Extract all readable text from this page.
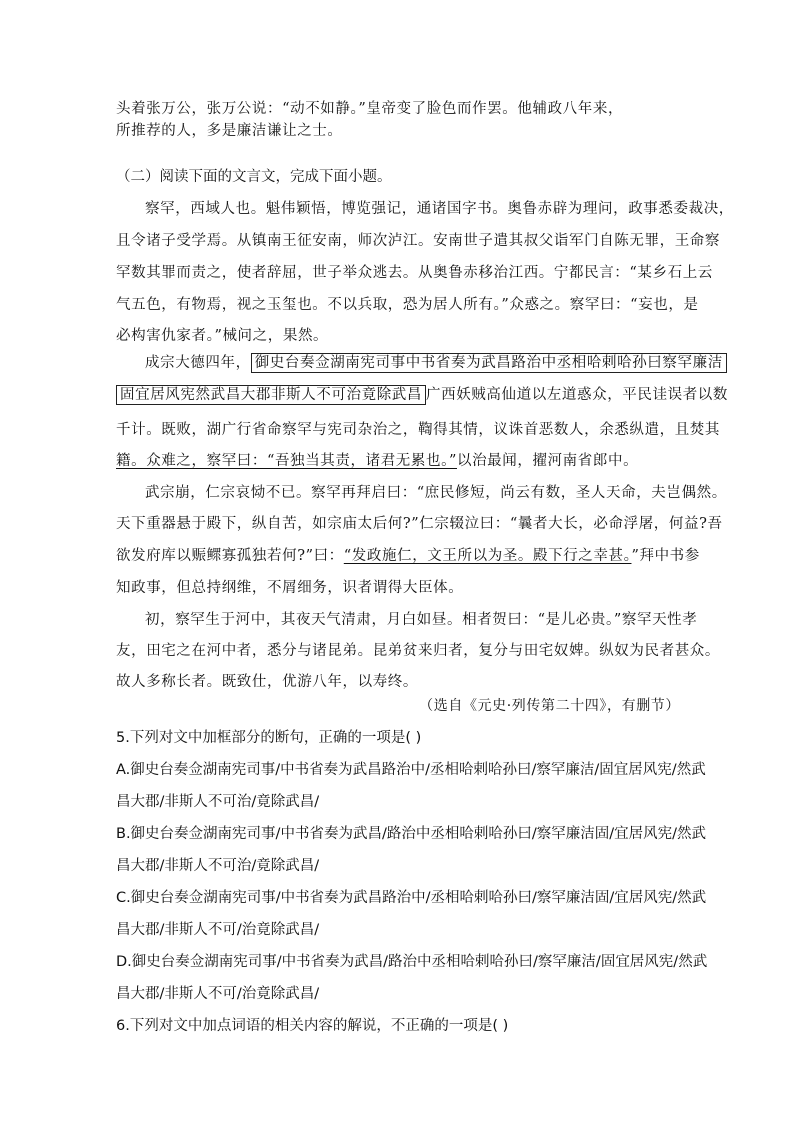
头着张万公，张万公说：“动不如静。”皇帝变了脸色而作罢。他辅政八年来，
所推荐的人，多是廉洁谦让之士。
（二）阅读下面的文言文，完成下面小题。
察罕，西域人也。魁伟颖悟，博览强记，通诸国字书。奥鲁赤辟为理问，政事悉委裁决，
且令诸子受学焉。从镇南王征安南，师次泸江。安南世子遣其叔父诣军门自陈无罪，王命察
罕数其罪而责之，使者辞屈，世子举众逃去。从奥鲁赤移治江西。宁都民言：“某乡石上云
气五色，有物焉，视之玉玺也。不以兵取，恐为居人所有。”众惑之。察罕曰：“妄也，是
必构害仇家者。”械问之，果然。
成宗大德四年， 御史台奏佥湖南宪司事中书省奏为武昌路治中丞相哈剌哈孙曰察罕廉洁
固宜居风宪然武昌大郡非斯人不可治竟除武昌 广西妖贼高仙道以左道惑众，平民诖误者以数
千计。既败，湖广行省命察罕与宪司杂治之，鞫得其情，议诛首恶数人，余悉纵遣，且焚其
籍。众难之，察罕曰：“吾独当其责，诸君无累也。”以治最闻，擢河南省郎中。
武宗崩，仁宗哀恸不已。察罕再拜启曰：“庶民修短，尚云有数，圣人天命，夫岂偶然。
天下重器悬于殿下，纵自苦，如宗庙太后何?”仁宗辍泣曰：“曩者大长，必命浮屠，何益?吾
欲发府库以赈鳏寡孤独若何?”曰：“发政施仁，文王所以为圣。殿下行之幸甚。”拜中书参
知政事，但总持纲维，不屑细务，识者谓得大臣体。
初，察罕生于河中，其夜天气清肃，月白如昼。相者贺曰：“是儿必贵。”察罕天性孝
友，田宅之在河中者，悉分与诸昆弟。昆弟贫来归者，复分与田宅奴婢。纵奴为民者甚众。
故人多称长者。既致仕，优游八年，以寿终。
（选自《元史·列传第二十四》，有删节）
5.下列对文中加框部分的断句，正确的一项是( )
A.御史台奏佥湖南宪司事/中书省奏为武昌路治中/丞相哈剌哈孙曰/察罕廉洁/固宜居风宪/然武
昌大郡/非斯人不可治/竟除武昌/
B.御史台奏佥湖南宪司事/中书省奏为武昌/路治中丞相哈剌哈孙曰/察罕廉洁固/宜居风宪/然武
昌大郡/非斯人不可治/竟除武昌/
C.御史台奏佥湖南宪司事/中书省奏为武昌路治中/丞相哈剌哈孙曰/察罕廉洁固/宜居风宪/然武
昌大郡/非斯人不可/治竟除武昌/
D.御史台奏佥湖南宪司事/中书省奏为武昌/路治中丞相哈剌哈孙曰/察罕廉洁/固宜居风宪/然武
昌大郡/非斯人不可/治竟除武昌/
6.下列对文中加点词语的相关内容的解说，不正确的一项是( )
